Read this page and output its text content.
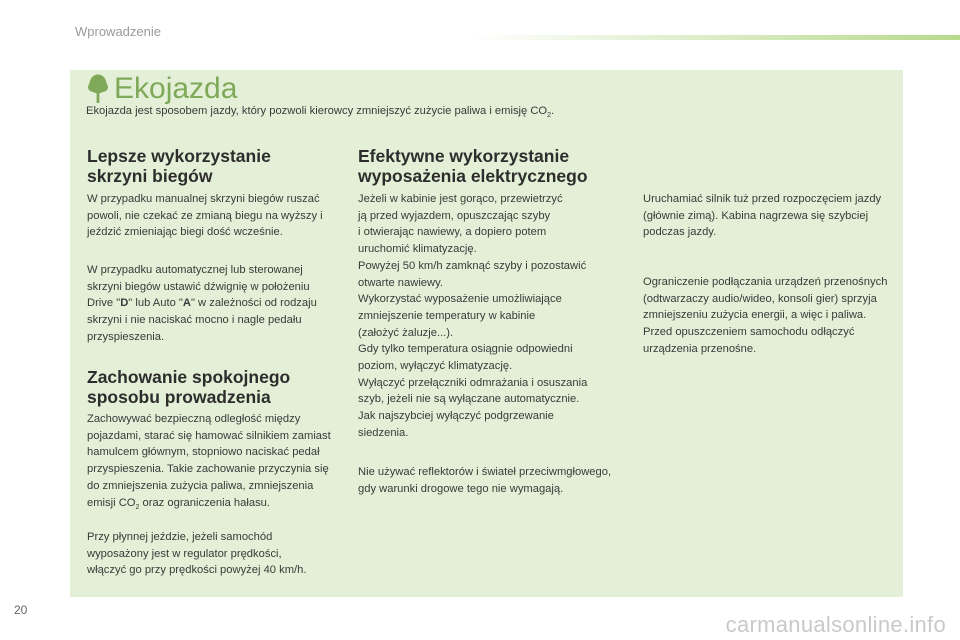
Wprowadzenie
Ekojazda
Ekojazda jest sposobem jazdy, który pozwoli kierowcy zmniejszyć zużycie paliwa i emisję $CO_2$.
Lepsze wykorzystanie
skrzyni biegów

W przypadku manualnej skrzyni biegów ruszać powoli, nie czekać ze zmianą biegu na wyższy i jeździć zmieniając biegi dość wcześnie.

W przypadku automatycznej lub sterowanej skrzyni biegów ustawić dźwignię w położeniu Drive "D" lub Auto "A" w zależności od rodzaju skrzyni i nie naciskać mocno i nagle pedału przyspieszenia.

Zachowanie spokojnego
sposobu prowadzenia

Zachowywać bezpieczną odległość między pojazdami, starać się hamować silnikiem zamiast hamulcem głównym, stopniowo naciskać pedał przyspieszenia. Takie zachowanie przyczynia się do zmniejszenia zużycia paliwa, zmniejszenia emisji $CO_2$ oraz ograniczenia hałasu.

Przy płynnej jeździe, jeżeli samochód wyposażony jest w regulator prędkości, włączyć go przy prędkości powyżej 40 km/h.

Efektywne wykorzystanie
wyposażenia elektrycznego

Jeżeli w kabinie jest gorąco, przewietrzyć
ją przed wyjazdem, opuszczając szyby
i otwierając nawiewy, a dopiero potem
uruchomić klimatyzację.
Powyżej 50 km/h zamknąć szyby i pozostawić
otwarte nawiewy.
Wykorzystać wyposażenie umożliwiające
zmniejszenie temperatury w kabinie
(założyć żaluzje...).
Gdy tylko temperatura osiągnie odpowiedni
poziom, wyłączyć klimatyzację.
Wyłączyć przełączniki odmrażania i osuszania
szyb, jeżeli nie są wyłączane automatycznie.
Jak najszybciej wyłączyć podgrzewanie
siedzenia.

Nie używać reflektorów i świateł przeciwmgłowego, gdy warunki drogowe tego nie wymagają.

Uruchamiać silnik tuż przed rozpoczęciem jazdy (głównie zimą). Kabina nagrzewa się szybciej podczas jazdy.

Ograniczenie podłączania urządzeń przenośnych (odtwarzaczy audio/wideo, konsoli gier) sprzyja zmniejszeniu zużycia energii, a więc i paliwa.
Przed opuszczeniem samochodu odłączyć urządzenia przenośne.

20
carmanualsonline.info
